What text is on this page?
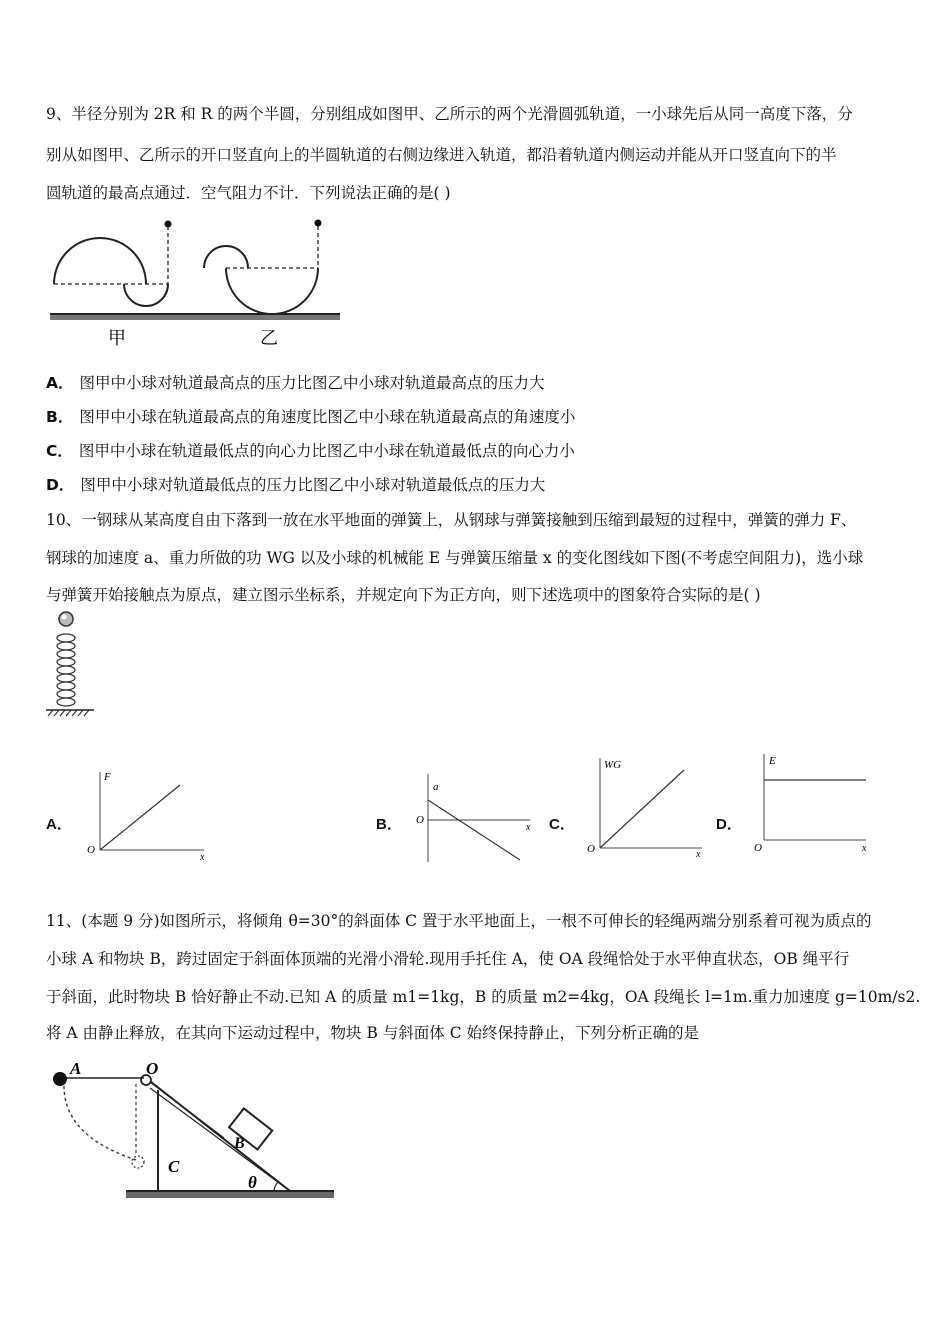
9、半径分别为 2R 和 R 的两个半圆，分别组成如图甲、乙所示的两个光滑圆弧轨道，一小球先后从同一高度下落，分
别从如图甲、乙所示的开口竖直向上的半圆轨道的右侧边缘进入轨道，都沿着轨道内侧运动并能从开口竖直向下的半
圆轨道的最高点通过．空气阻力不计．下列说法正确的是( )
甲	乙
A． 图甲中小球对轨道最高点的压力比图乙中小球对轨道最高点的压力大
B． 图甲中小球在轨道最高点的角速度比图乙中小球在轨道最高点的角速度小
C． 图甲中小球在轨道最低点的向心力比图乙中小球在轨道最低点的向心力小
D． 图甲中小球对轨道最低点的压力比图乙中小球对轨道最低点的压力大
10、一钢球从某高度自由下落到一放在水平地面的弹簧上，从钢球与弹簧接触到压缩到最短的过程中，弹簧的弹力 F、
钢球的加速度 a、重力所做的功 WG 以及小球的机械能 E 与弹簧压缩量 x 的变化图线如下图(不考虑空间阻力)，选小球
与弹簧开始接触点为原点，建立图示坐标系，并规定向下为正方向，则下述选项中的图象符合实际的是( )
A．
F
x
O
B．
a
x
O	C．
WG
x
O
D．
E
x
O
11、(本题 9 分)如图所示，将倾角 θ=30°的斜面体 C 置于水平地面上，一根不可伸长的轻绳两端分别系着可视为质点的
小球 A 和物块 B，跨过固定于斜面体顶端的光滑小滑轮.现用手托住 A，使 OA 段绳恰处于水平伸直状态，OB 绳平行
于斜面，此时物块 B 恰好静止不动.已知 A 的质量 m1=1kg，B 的质量 m2=4kg，OA 段绳长 l=1m.重力加速度 g=10m/s2.
将 A 由静止释放，在其向下运动过程中，物块 B 与斜面体 C 始终保持静止，下列分析正确的是
A	O
B
C
θ
